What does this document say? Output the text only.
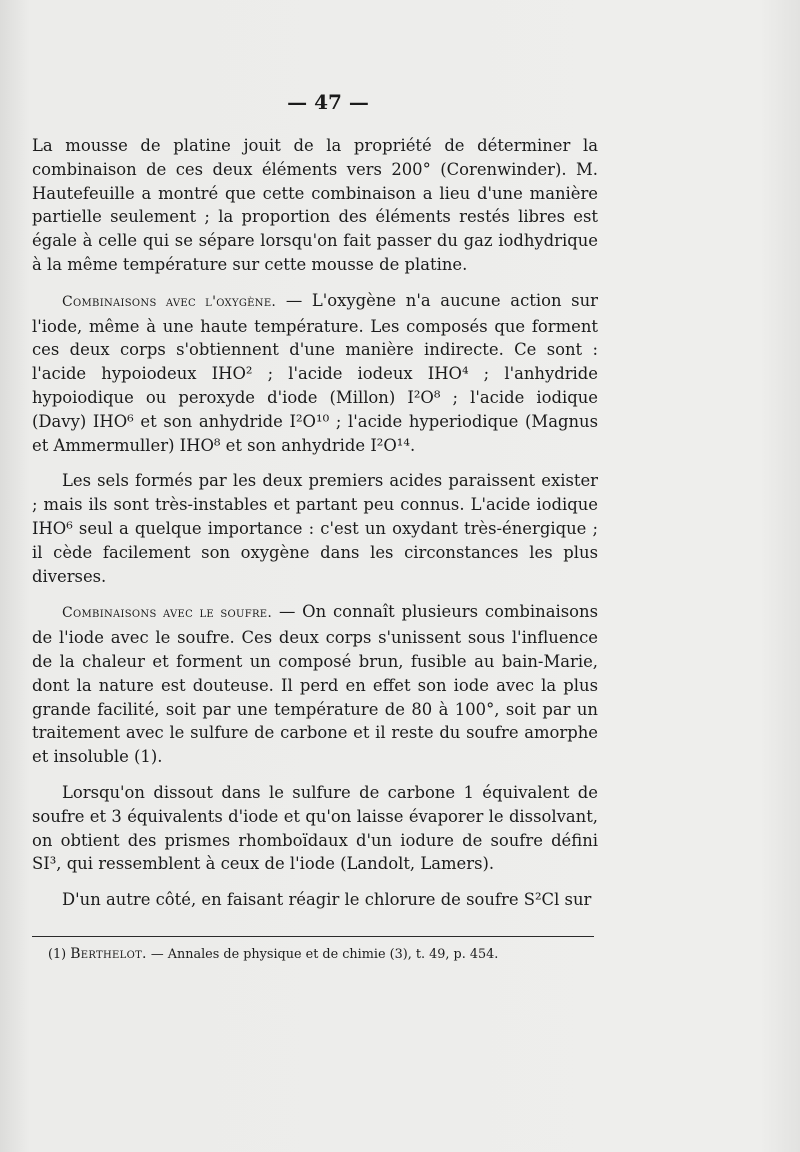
— 47 —

La mousse de platine jouit de la propriété de déterminer la combinaison de ces deux éléments vers 200° (Corenwinder). M. Hautefeuille a montré que cette combinaison a lieu d'une manière partielle seulement ; la proportion des éléments restés libres est égale à celle qui se sépare lorsqu'on fait passer du gaz iodhydrique à la même température sur cette mousse de platine.

Combinaisons avec l'oxygène. — L'oxygène n'a aucune action sur l'iode, même à une haute température. Les composés que forment ces deux corps s'obtiennent d'une manière indirecte. Ce sont : l'acide hypoiodeux IHO² ; l'acide iodeux IHO⁴ ; l'anhydride hypoiodique ou peroxyde d'iode (Millon) I²O⁸ ; l'acide iodique (Davy) IHO⁶ et son anhydride I²O¹⁰ ; l'acide hyperiodique (Magnus et Ammermuller) IHO⁸ et son anhydride I²O¹⁴.

Les sels formés par les deux premiers acides paraissent exister ; mais ils sont très-instables et partant peu connus. L'acide iodique IHO⁶ seul a quelque importance : c'est un oxydant très-énergique ; il cède facilement son oxygène dans les circonstances les plus diverses.

Combinaisons avec le soufre. — On connaît plusieurs combinaisons de l'iode avec le soufre. Ces deux corps s'unissent sous l'influence de la chaleur et forment un composé brun, fusible au bain-Marie, dont la nature est douteuse. Il perd en effet son iode avec la plus grande facilité, soit par une température de 80 à 100°, soit par un traitement avec le sulfure de carbone et il reste du soufre amorphe et insoluble (1).

Lorsqu'on dissout dans le sulfure de carbone 1 équivalent de soufre et 3 équivalents d'iode et qu'on laisse évaporer le dissolvant, on obtient des prismes rhomboïdaux d'un iodure de soufre défini SI³, qui ressemblent à ceux de l'iode (Landolt, Lamers).

D'un autre côté, en faisant réagir le chlorure de soufre S²Cl sur

(1) Berthelot. — Annales de physique et de chimie (3), t. 49, p. 454.
